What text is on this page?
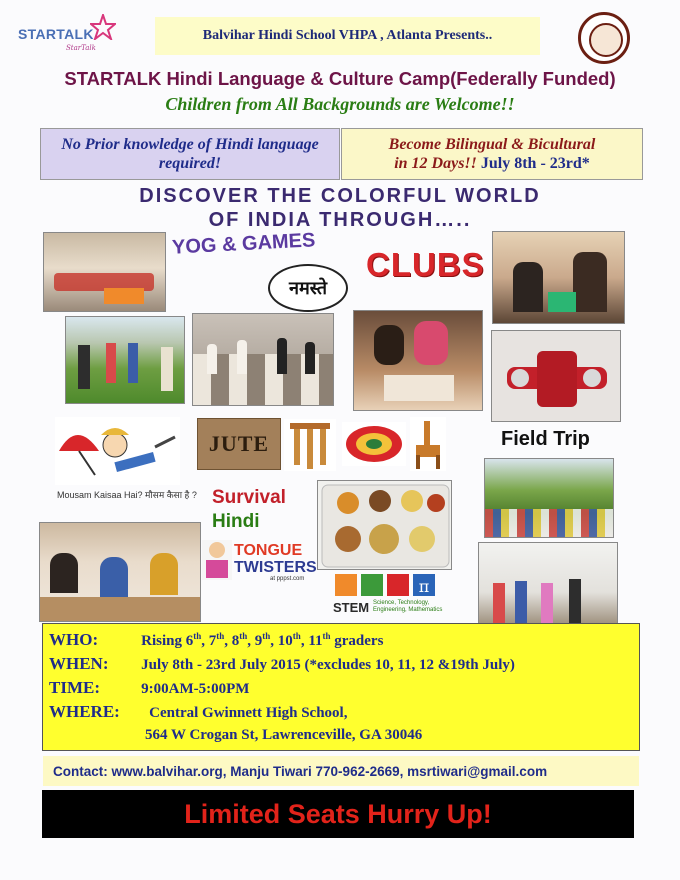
STARTALK
StarTalk
Balvihar Hindi School VHPA , Atlanta Presents..
STARTALK Hindi Language & Culture Camp(Federally Funded)
Children from All Backgrounds are Welcome!!
No Prior knowledge of Hindi language required!
Become Bilingual & Bicultural
in 12 Days!! July 8th - 23rd*
DISCOVER THE COLORFUL WORLD
OF INDIA THROUGH…..
YOG & GAMES
नमस्ते
CLUBS
Mousam Kaisaa Hai? मौसम कैसा है ?
JUTE	Field Trip
Survival
Hindi
TONGUE
TWISTERS
at pppst.com	π
STEM Science, Technology, Engineering, Mathematics
WHO:	Rising 6th, 7th, 8th, 9th, 10th, 11th graders
WHEN: July 8th - 23rd July 2015 (*excludes 10, 11, 12 &19th July)
TIME:	9:00AM-5:00PM
WHERE: Central Gwinnett High School,
564 W Crogan St, Lawrenceville, GA 30046
Contact: www.balvihar.org, Manju Tiwari 770-962-2669, msrtiwari@gmail.com
Limited Seats Hurry Up!
